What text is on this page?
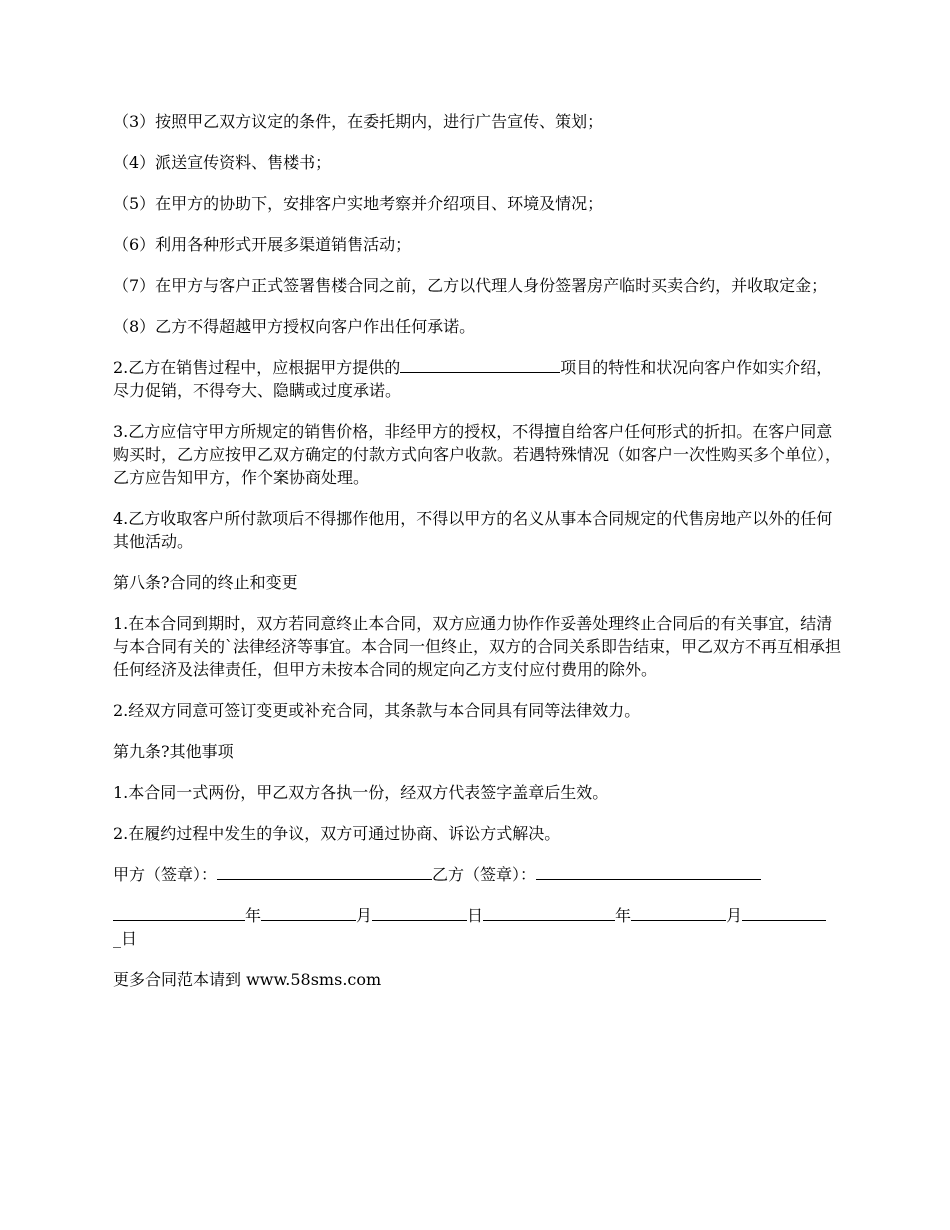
（3）按照甲乙双方议定的条件，在委托期内，进行广告宣传、策划；

（4）派送宣传资料、售楼书；

（5）在甲方的协助下，安排客户实地考察并介绍项目、环境及情况；

（6）利用各种形式开展多渠道销售活动；

（7）在甲方与客户正式签署售楼合同之前，乙方以代理人身份签署房产临时买卖合约，并收取定金；

（8）乙方不得超越甲方授权向客户作出任何承诺。

2.乙方在销售过程中，应根据甲方提供的	项目的特性和状况向客户作如实介绍，尽力促销，不得夸大、隐瞒或过度承诺。

3.乙方应信守甲方所规定的销售价格，非经甲方的授权，不得擅自给客户任何形式的折扣。在客户同意购买时，乙方应按甲乙双方确定的付款方式向客户收款。若遇特殊情况（如客户一次性购买多个单位），乙方应告知甲方，作个案协商处理。

4.乙方收取客户所付款项后不得挪作他用，不得以甲方的名义从事本合同规定的代售房地产以外的任何其他活动。

第八条?合同的终止和变更

1.在本合同到期时，双方若同意终止本合同，双方应通力协作作妥善处理终止合同后的有关事宜，结清与本合同有关的`法律经济等事宜。本合同一但终止，双方的合同关系即告结束，甲乙双方不再互相承担任何经济及法律责任，但甲方未按本合同的规定向乙方支付应付费用的除外。

2.经双方同意可签订变更或补充合同，其条款与本合同具有同等法律效力。

第九条?其他事项

1.本合同一式两份，甲乙双方各执一份，经双方代表签字盖章后生效。

2.在履约过程中发生的争议，双方可通过协商、诉讼方式解决。

甲方（签章）：	乙方（签章）：
年	月	日	年	月
_日

更多合同范本请到 www.58sms.com
